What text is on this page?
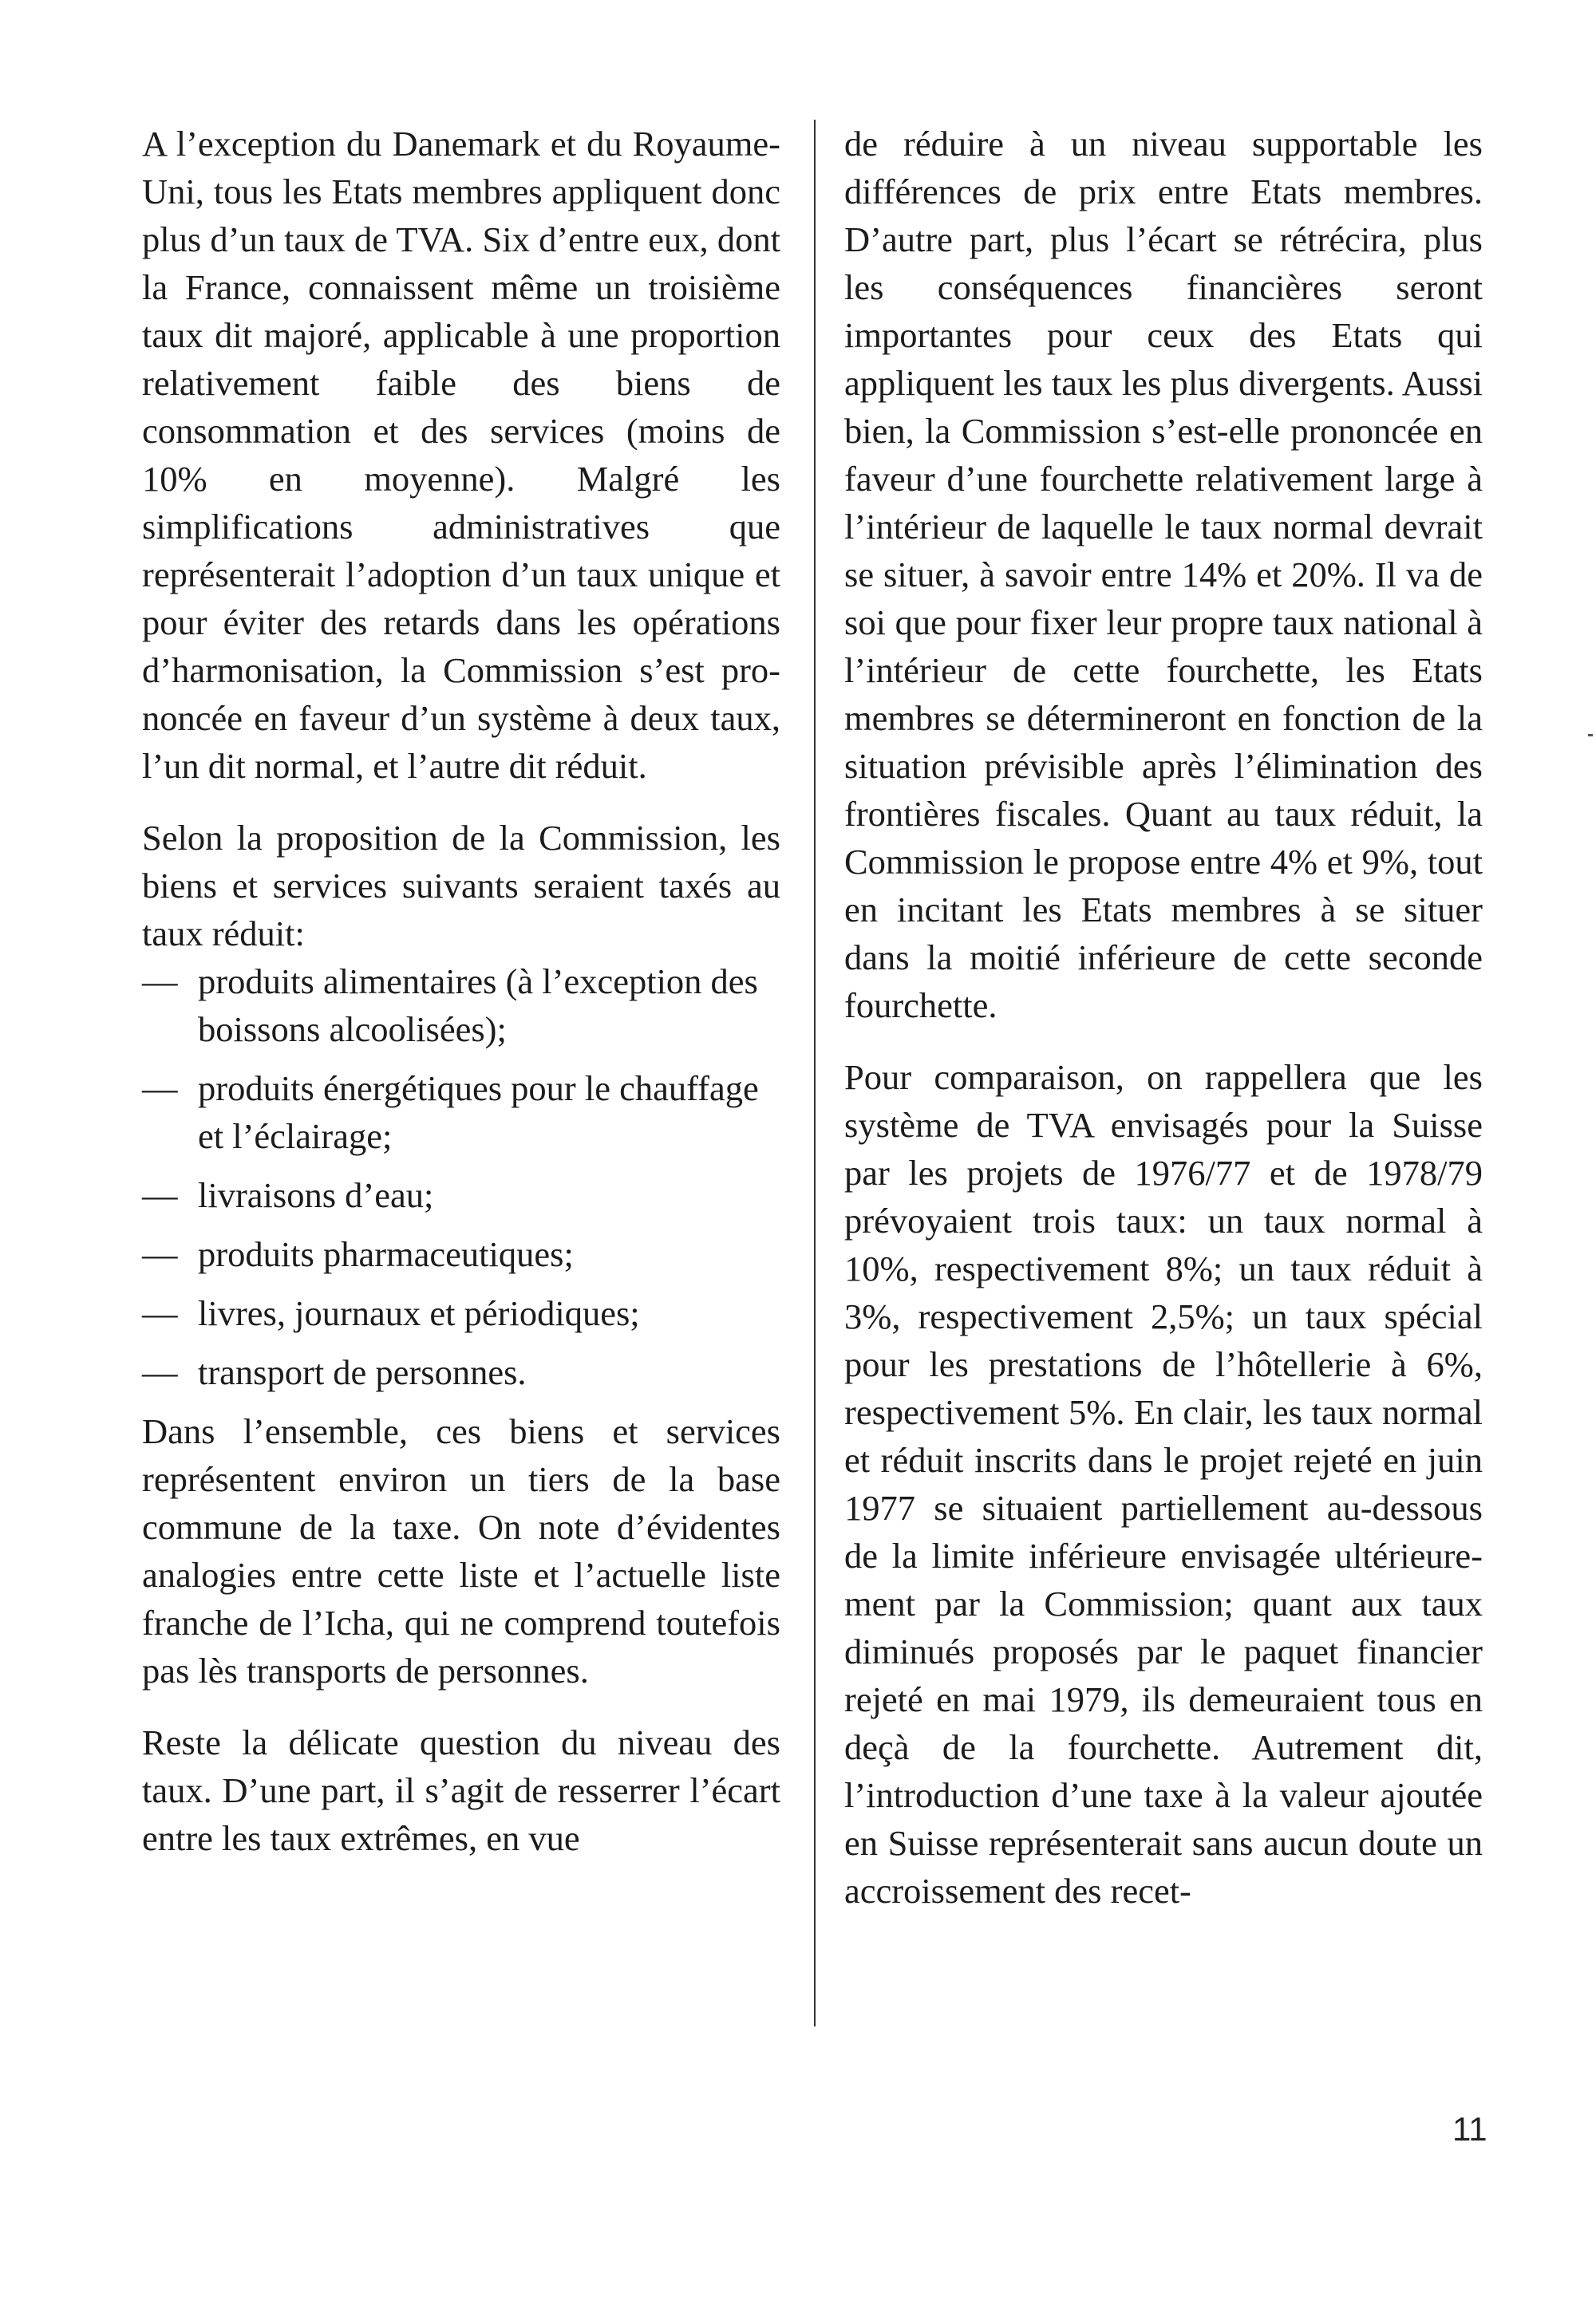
A l’exception du Danemark et du Royaume-Uni, tous les Etats membres appliquent donc plus d’un taux de TVA. Six d’entre eux, dont la France, connaissent même un troisième taux dit majoré, applicable à une proportion relativement faible des biens de consommation et des services (moins de 10% en moyenne). Malgré les simplifications administratives que représenterait l’adoption d’un taux unique et pour éviter des retards dans les opérations d’harmonisation, la Commission s’est prononcée en faveur d’un système à deux taux, l’un dit normal, et l’autre dit réduit.

Selon la proposition de la Commission, les biens et services suivants seraient taxés au taux réduit:

— produits alimentaires (à l’exception des boissons alcoolisées);
— produits énergétiques pour le chauffage et l’éclairage;
— livraisons d’eau;
— produits pharmaceutiques;
— livres, journaux et périodiques;
— transport de personnes.

Dans l’ensemble, ces biens et services représentent environ un tiers de la base commune de la taxe. On note d’évidentes analogies entre cette liste et l’actuelle liste franche de l’Icha, qui ne comprend toutefois pas lès transports de personnes.

Reste la délicate question du niveau des taux. D’une part, il s’agit de resserrer l’écart entre les taux extrêmes, en vue

de réduire à un niveau supportable les différences de prix entre Etats membres. D’autre part, plus l’écart se rétrécira, plus les conséquences financières seront importantes pour ceux des Etats qui appliquent les taux les plus divergents. Aussi bien, la Commission s’est-elle prononcée en faveur d’une fourchette relativement large à l’intérieur de laquelle le taux normal devrait se situer, à savoir entre 14% et 20%. Il va de soi que pour fixer leur propre taux national à l’intérieur de cette fourchette, les Etats membres se détermineront en fonction de la situation prévisible après l’élimination des frontières fiscales. Quant au taux réduit, la Commission le propose entre 4% et 9%, tout en incitant les Etats membres à se situer dans la moitié inférieure de cette seconde fourchette.

Pour comparaison, on rappellera que les système de TVA envisagés pour la Suisse par les projets de 1976/77 et de 1978/79 prévoyaient trois taux: un taux normal à 10%, respectivement 8%; un taux réduit à 3%, respectivement 2,5%; un taux spécial pour les prestations de l’hôtellerie à 6%, respectivement 5%. En clair, les taux normal et réduit inscrits dans le projet rejeté en juin 1977 se situaient partiellement au-dessous de la limite inférieure envisagée ultérieurement par la Commission; quant aux taux diminués proposés par le paquet financier rejeté en mai 1979, ils demeuraient tous en deçà de la fourchette. Autrement dit, l’introduction d’une taxe à la valeur ajoutée en Suisse représenterait sans aucun doute un accroissement des recet-

11
